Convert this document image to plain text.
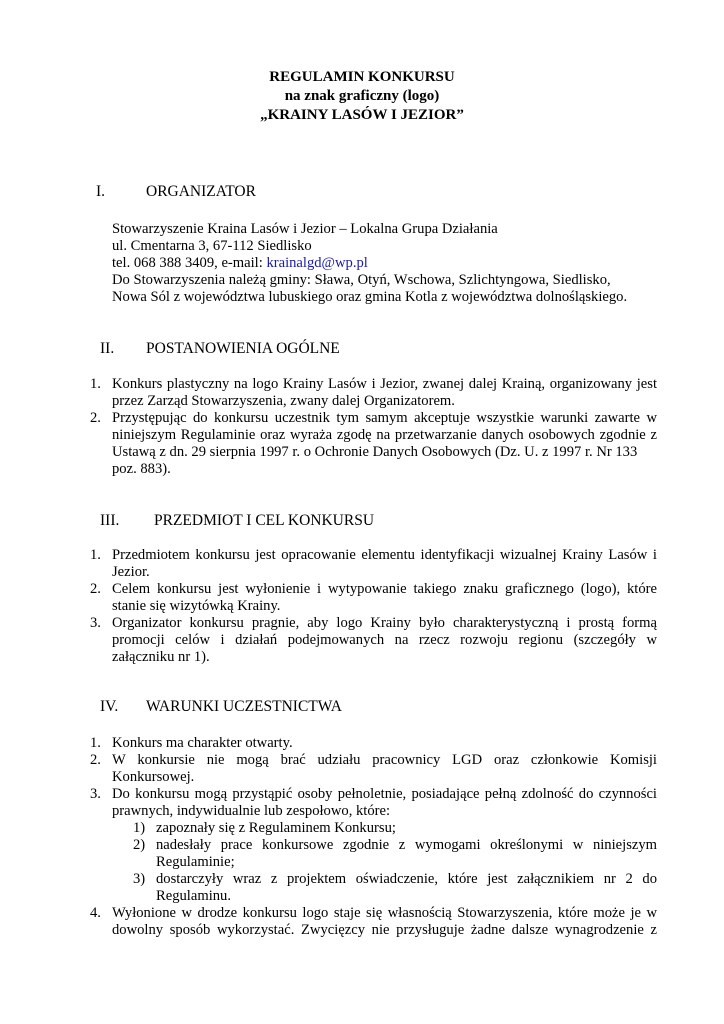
REGULAMIN KONKURSU
na znak graficzny (logo)
„KRAINY LASÓW I JEZIOR”
I.	ORGANIZATOR
Stowarzyszenie Kraina Lasów i Jezior – Lokalna Grupa Działania
ul. Cmentarna 3, 67-112 Siedlisko
tel. 068 388 3409, e-mail: krainalgd@wp.pl
Do Stowarzyszenia należą gminy: Sława, Otyń, Wschowa, Szlichtyngowa, Siedlisko,
Nowa Sól z województwa lubuskiego oraz gmina Kotla z województwa dolnośląskiego.
II. POSTANOWIENIA OGÓLNE
1. Konkurs plastyczny na logo Krainy Lasów i Jezior, zwanej dalej Krainą, organizowany jest
przez Zarząd Stowarzyszenia, zwany dalej Organizatorem.
2. Przystępując do konkursu uczestnik tym samym akceptuje wszystkie warunki zawarte w
niniejszym Regulaminie oraz wyraża zgodę na przetwarzanie danych osobowych zgodnie z
Ustawą z dn. 29 sierpnia 1997 r. o Ochronie Danych Osobowych (Dz. U. z 1997 r. Nr 133
poz. 883).
III. PRZEDMIOT I CEL KONKURSU
1. Przedmiotem konkursu jest opracowanie elementu identyfikacji wizualnej Krainy Lasów i
Jezior.
2. Celem konkursu jest wyłonienie i wytypowanie takiego znaku graficznego (logo), które
stanie się wizytówką Krainy.
3. Organizator konkursu pragnie, aby logo Krainy było charakterystyczną i prostą formą
promocji celów i działań podejmowanych na rzecz rozwoju regionu (szczegóły w
załączniku nr 1).
IV. WARUNKI UCZESTNICTWA
1. Konkurs ma charakter otwarty.
2. W konkursie nie mogą brać udziału pracownicy LGD oraz członkowie Komisji
Konkursowej.
3. Do konkursu mogą przystąpić osoby pełnoletnie, posiadające pełną zdolność do czynności
prawnych, indywidualnie lub zespołowo, które:
1) zapoznały się z Regulaminem Konkursu;
2) nadesłały prace konkursowe zgodnie z wymogami określonymi w niniejszym
Regulaminie;
3) dostarczyły wraz z projektem oświadczenie, które jest załącznikiem nr 2 do
Regulaminu.
4. Wyłonione w drodze konkursu logo staje się własnością Stowarzyszenia, które może je w
dowolny sposób wykorzystać. Zwycięzcy nie przysługuje żadne dalsze wynagrodzenie z
